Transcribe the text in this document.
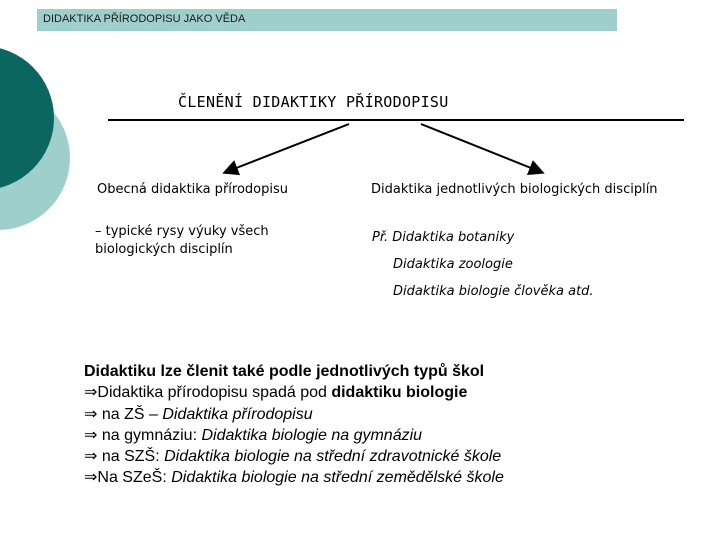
DIDAKTIKA PŘÍRODOPISU JAKO VĚDA
ČLENĚNÍ DIDAKTIKY PŘÍRODOPISU
Obecná didaktika přírodopisu
– typické rysy výuky všech biologických disciplín
Didaktika jednotlivých biologických disciplín
Př. Didaktika botaniky
Didaktika zoologie
Didaktika biologie člověka atd.
Didaktiku lze členit také podle jednotlivých typů škol
⇒Didaktika přírodopisu spadá pod didaktiku biologie
⇒ na ZŠ – Didaktika přírodopisu
⇒ na gymnáziu: Didaktika biologie na gymnáziu
⇒ na SZŠ: Didaktika biologie na střední zdravotnické škole
⇒Na SZeŠ: Didaktika biologie na střední zemědělské škole
